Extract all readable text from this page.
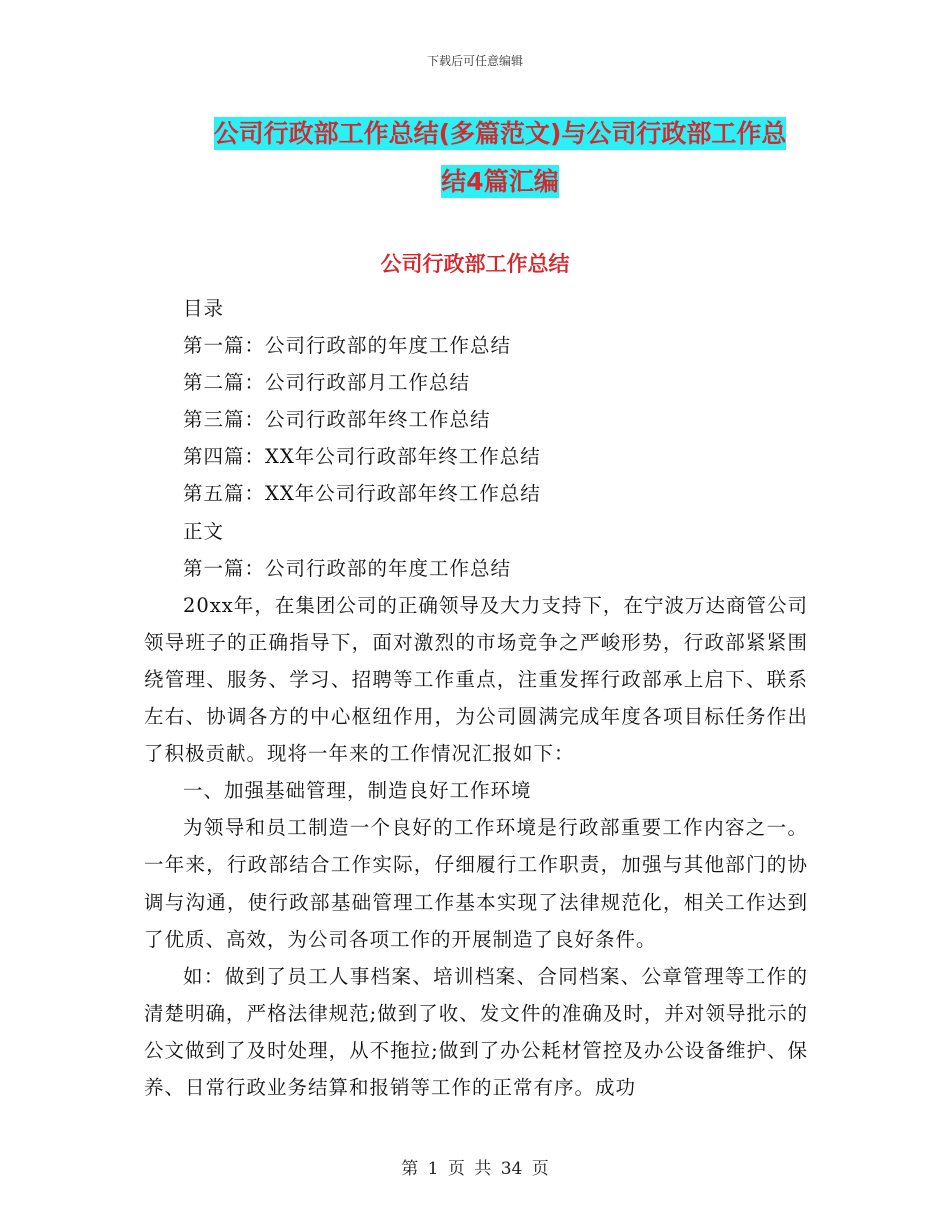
下载后可任意编辑
公司行政部工作总结(多篇范文)与公司行政部工作总
结4篇汇编
公司行政部工作总结

目录

第一篇：公司行政部的年度工作总结

第二篇：公司行政部月工作总结

第三篇：公司行政部年终工作总结

第四篇：XX年公司行政部年终工作总结

第五篇：XX年公司行政部年终工作总结

正文

第一篇：公司行政部的年度工作总结

20xx年，在集团公司的正确领导及大力支持下，在宁波万达商管公司领导班子的正确指导下，面对激烈的市场竞争之严峻形势，行政部紧紧围绕管理、服务、学习、招聘等工作重点，注重发挥行政部承上启下、联系左右、协调各方的中心枢纽作用，为公司圆满完成年度各项目标任务作出了积极贡献。现将一年来的工作情况汇报如下：

一、加强基础管理，制造良好工作环境

为领导和员工制造一个良好的工作环境是行政部重要工作内容之一。一年来，行政部结合工作实际，仔细履行工作职责，加强与其他部门的协调与沟通，使行政部基础管理工作基本实现了法律规范化，相关工作达到了优质、高效，为公司各项工作的开展制造了良好条件。

如：做到了员工人事档案、培训档案、合同档案、公章管理等工作的清楚明确，严格法律规范;做到了收、发文件的准确及时，并对领导批示的公文做到了及时处理，从不拖拉;做到了办公耗材管控及办公设备维护、保养、日常行政业务结算和报销等工作的正常有序。成功

第 1 页 共 34 页
